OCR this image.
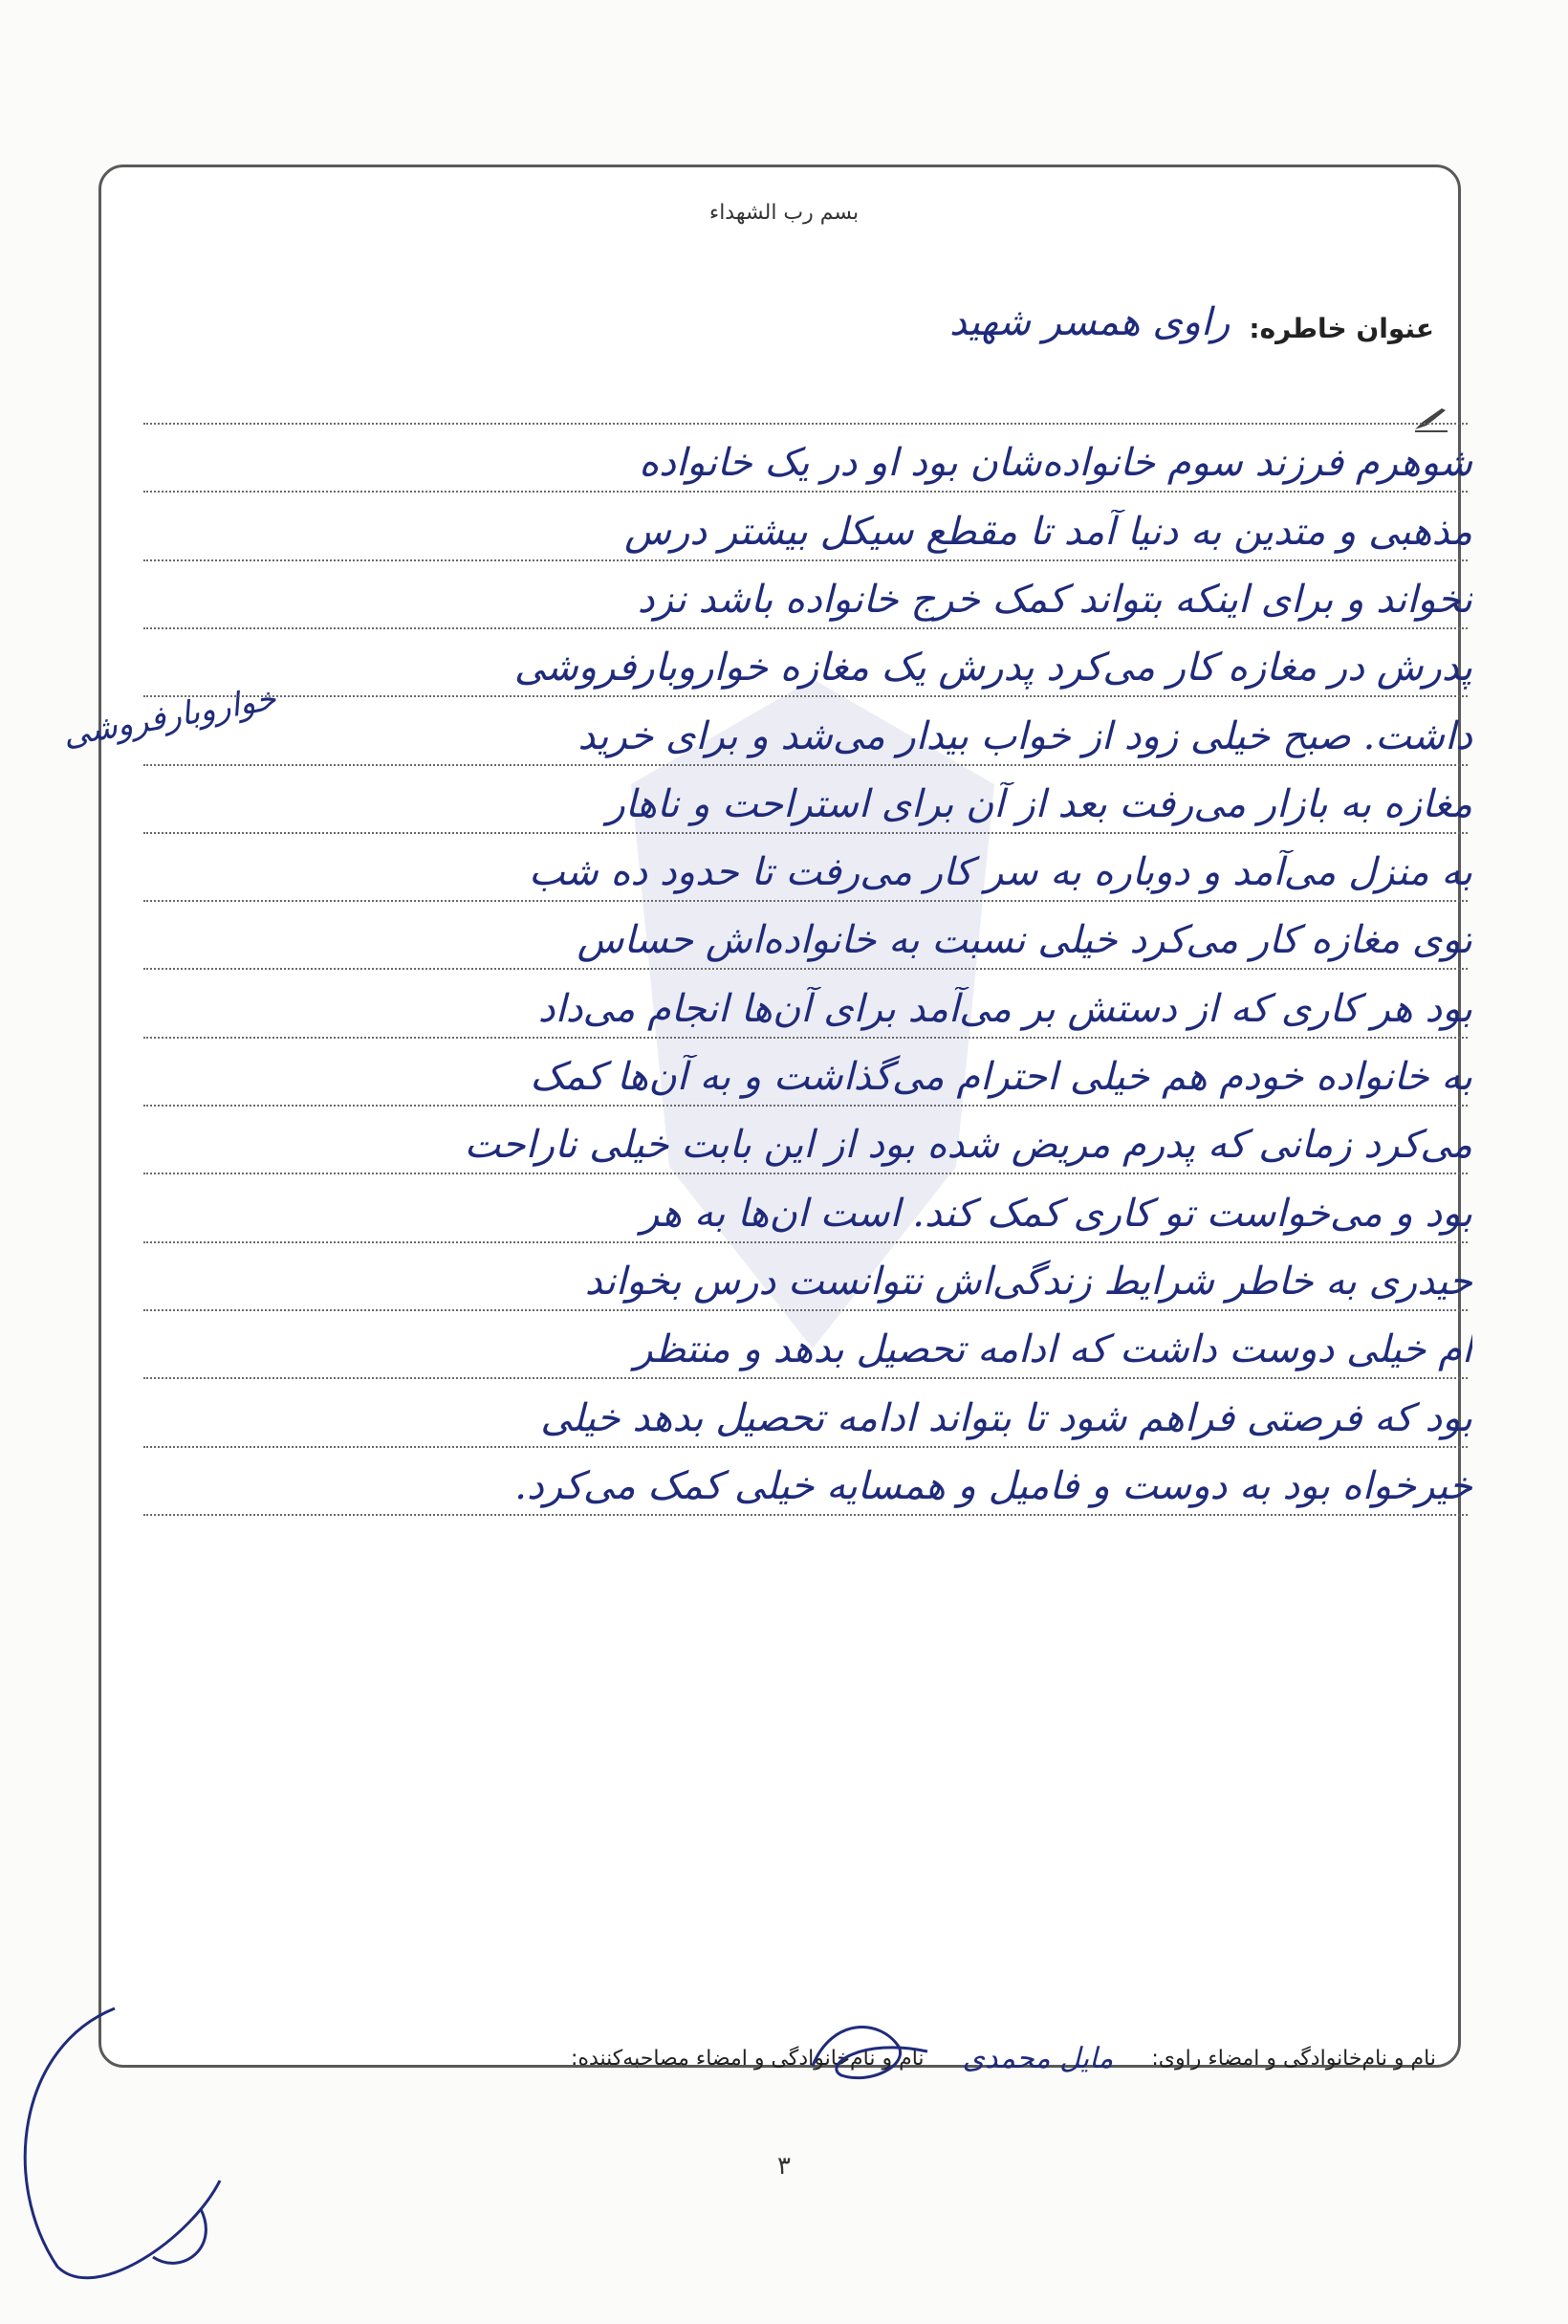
بسم رب الشهداء
عنوان خاطره:
راوی همسر شهید
خواروبارفروشی
شوهرم فرزند سوم خانواده‌شان بود او در یک خانواده
مذهبی و متدین به دنیا آمد تا مقطع سیکل بیشتر درس
نخواند و برای اینکه بتواند کمک خرج خانواده باشد نزد
پدرش در مغازه کار می‌کرد پدرش یک مغازه خواروبارفروشی
داشت. صبح خیلی زود از خواب بیدار می‌شد و برای خرید
مغازه به بازار می‌رفت بعد از آن برای استراحت و ناهار
به منزل می‌آمد و دوباره به سر کار می‌رفت تا حدود ده شب
توی مغازه کار می‌کرد خیلی نسبت به خانواده‌اش حساس
بود هر کاری که از دستش بر می‌آمد برای آن‌ها انجام می‌داد
به خانواده خودم هم خیلی احترام می‌گذاشت و به آن‌ها کمک
می‌کرد زمانی که پدرم مریض شده بود از این بابت خیلی ناراحت
بود و می‌خواست تو کاری کمک کند. است ان‌ها به هر
حیدری به خاطر شرایط زندگی‌اش نتوانست درس بخواند
ام خیلی دوست داشت که ادامه تحصیل بدهد و منتظر
بود که فرصتی فراهم شود تا بتواند ادامه تحصیل بدهد خیلی
خیرخواه بود به دوست و فامیل و همسایه خیلی کمک می‌کرد.
نام و نام‌خانوادگی و امضاء راوی:
مایل محمدی
نام و نام‌خانوادگی و امضاء مصاحبه‌کننده:
۳
